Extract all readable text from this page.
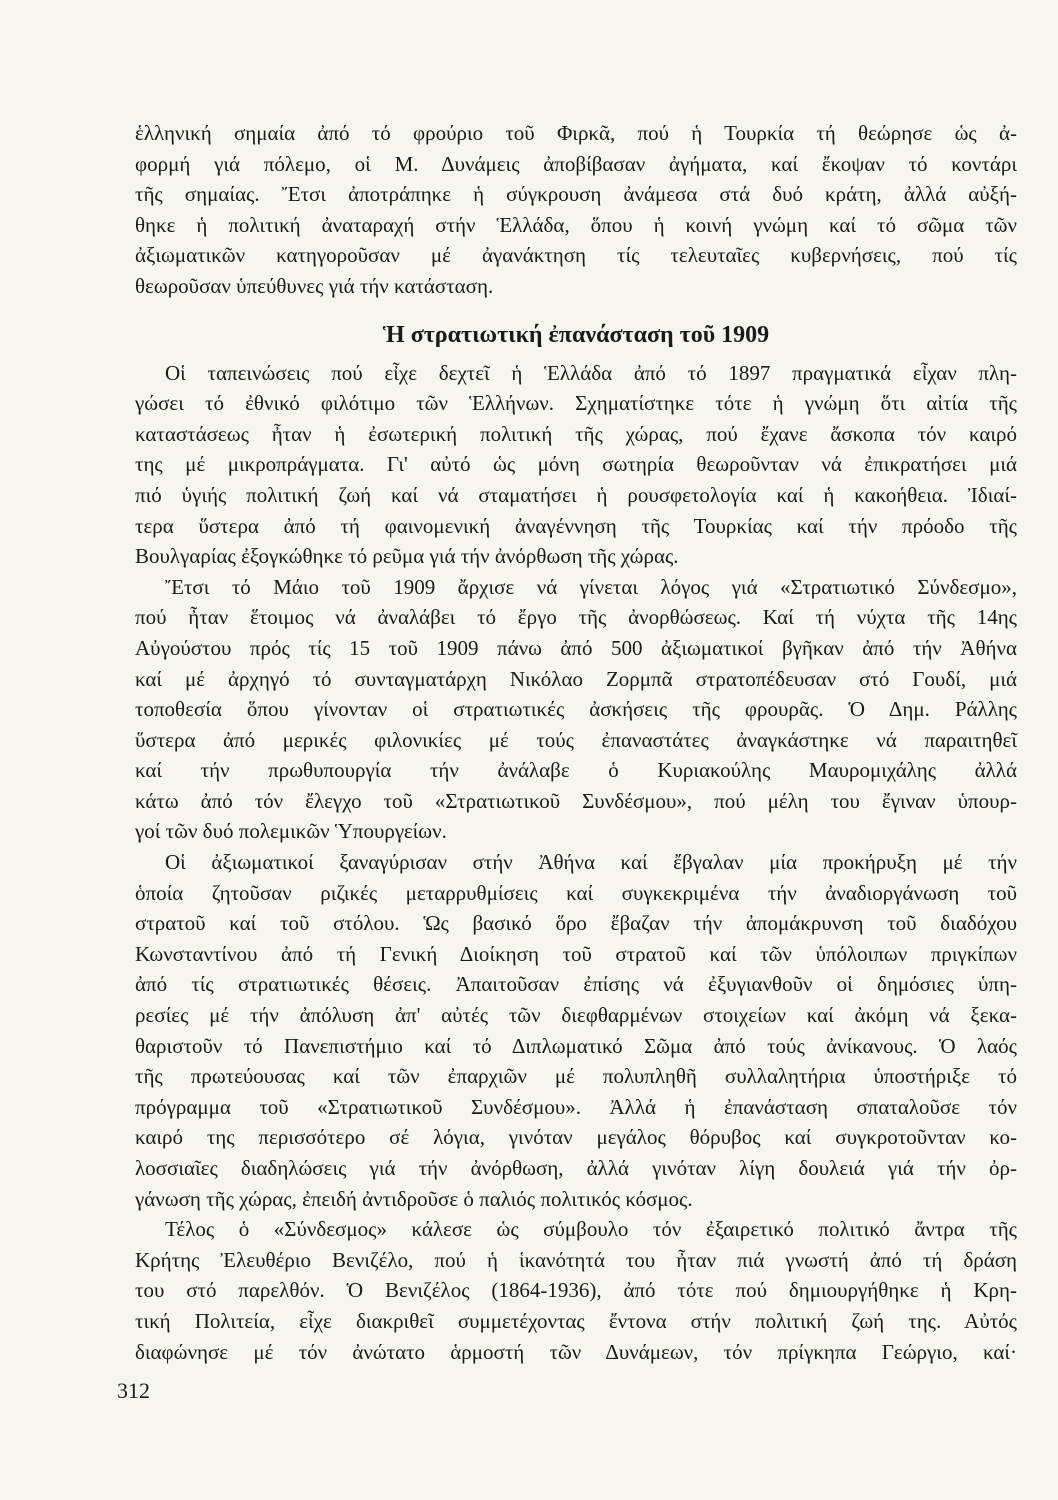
ἑλληνική σημαία ἀπό τό φρούριο τοῦ Φιρκᾶ, πού ἡ Τουρκία τή θεώρησε ὡς ἀ-
φορμή γιά πόλεμο, οἱ Μ. Δυνάμεις ἀποβίβασαν ἀγήματα, καί ἔκοψαν τό κοντάρι
τῆς σημαίας. Ἔτσι ἀποτράπηκε ἡ σύγκρουση ἀνάμεσα στά δυό κράτη, ἀλλά αὐξή-
θηκε ἡ πολιτική ἀναταραχή στήν Ἑλλάδα, ὅπου ἡ κοινή γνώμη καί τό σῶμα τῶν
ἀξιωματικῶν κατηγοροῦσαν μέ ἀγανάκτηση τίς τελευταῖες κυβερνήσεις, πού τίς
θεωροῦσαν ὑπεύθυνες γιά τήν κατάσταση.
Ἡ στρατιωτική ἐπανάσταση τοῦ 1909
Οἱ ταπεινώσεις πού εἶχε δεχτεῖ ἡ Ἑλλάδα ἀπό τό 1897 πραγματικά εἶχαν πλη-
γώσει τό ἐθνικό φιλότιμο τῶν Ἑλλήνων. Σχηματίστηκε τότε ἡ γνώμη ὅτι αἰτία τῆς
καταστάσεως ἦταν ἡ ἐσωτερική πολιτική τῆς χώρας, πού ἔχανε ἄσκοπα τόν καιρό
της μέ μικροπράγματα. Γι' αὐτό ὡς μόνη σωτηρία θεωροῦνταν νά ἐπικρατήσει μιά
πιό ὑγιής πολιτική ζωή καί νά σταματήσει ἡ ρουσφετολογία καί ἡ κακοήθεια. Ἰδιαί-
τερα ὕστερα ἀπό τή φαινομενική ἀναγέννηση τῆς Τουρκίας καί τήν πρόοδο τῆς
Βουλγαρίας ἐξογκώθηκε τό ρεῦμα γιά τήν ἀνόρθωση τῆς χώρας.
Ἔτσι τό Μάιο τοῦ 1909 ἄρχισε νά γίνεται λόγος γιά «Στρατιωτικό Σύνδεσμο»,
πού ἦταν ἕτοιμος νά ἀναλάβει τό ἔργο τῆς ἀνορθώσεως. Καί τή νύχτα τῆς 14ης
Αὐγούστου πρός τίς 15 τοῦ 1909 πάνω ἀπό 500 ἀξιωματικοί βγῆκαν ἀπό τήν Ἀθήνα
καί μέ ἀρχηγό τό συνταγματάρχη Νικόλαο Ζορμπᾶ στρατοπέδευσαν στό Γουδί, μιά
τοποθεσία ὅπου γίνονταν οἱ στρατιωτικές ἀσκήσεις τῆς φρουρᾶς. Ὁ Δημ. Ράλλης
ὕστερα ἀπό μερικές φιλονικίες μέ τούς ἐπαναστάτες ἀναγκάστηκε νά παραιτηθεῖ
καί τήν πρωθυπουργία τήν ἀνάλαβε ὁ Κυριακούλης Μαυρομιχάλης ἀλλά
κάτω ἀπό τόν ἔλεγχο τοῦ «Στρατιωτικοῦ Συνδέσμου», πού μέλη του ἔγιναν ὑπουρ-
γοί τῶν δυό πολεμικῶν Ὑπουργείων.
Οἱ ἀξιωματικοί ξαναγύρισαν στήν Ἀθήνα καί ἔβγαλαν μία προκήρυξη μέ τήν
ὁποία ζητοῦσαν ριζικές μεταρρυθμίσεις καί συγκεκριμένα τήν ἀναδιοργάνωση τοῦ
στρατοῦ καί τοῦ στόλου. Ὡς βασικό ὅρο ἔβαζαν τήν ἀπομάκρυνση τοῦ διαδόχου
Κωνσταντίνου ἀπό τή Γενική Διοίκηση τοῦ στρατοῦ καί τῶν ὑπόλοιπων πριγκίπων
ἀπό τίς στρατιωτικές θέσεις. Ἀπαιτοῦσαν ἐπίσης νά ἐξυγιανθοῦν οἱ δημόσιες ὑπη-
ρεσίες μέ τήν ἀπόλυση ἀπ' αὐτές τῶν διεφθαρμένων στοιχείων καί ἀκόμη νά ξεκα-
θαριστοῦν τό Πανεπιστήμιο καί τό Διπλωματικό Σῶμα ἀπό τούς ἀνίκανους. Ὁ λαός
τῆς πρωτεύουσας καί τῶν ἐπαρχιῶν μέ πολυπληθῆ συλλαλητήρια ὑποστήριξε τό
πρόγραμμα τοῦ «Στρατιωτικοῦ Συνδέσμου». Ἀλλά ἡ ἐπανάσταση σπαταλοῦσε τόν
καιρό της περισσότερο σέ λόγια, γινόταν μεγάλος θόρυβος καί συγκροτοῦνταν κο-
λοσσιαῖες διαδηλώσεις γιά τήν ἀνόρθωση, ἀλλά γινόταν λίγη δουλειά γιά τήν ὀρ-
γάνωση τῆς χώρας, ἐπειδή ἀντιδροῦσε ὁ παλιός πολιτικός κόσμος.
Τέλος ὁ «Σύνδεσμος» κάλεσε ὡς σύμβουλο τόν ἐξαιρετικό πολιτικό ἄντρα τῆς
Κρήτης Ἐλευθέριο Βενιζέλο, πού ἡ ἱκανότητά του ἦταν πιά γνωστή ἀπό τή δράση
του στό παρελθόν. Ὁ Βενιζέλος (1864-1936), ἀπό τότε πού δημιουργήθηκε ἡ Κρη-
τική Πολιτεία, εἶχε διακριθεῖ συμμετέχοντας ἔντονα στήν πολιτική ζωή της. Αὐτός
διαφώνησε μέ τόν ἀνώτατο ἁρμοστή τῶν Δυνάμεων, τόν πρίγκηπα Γεώργιο, καί·
312
